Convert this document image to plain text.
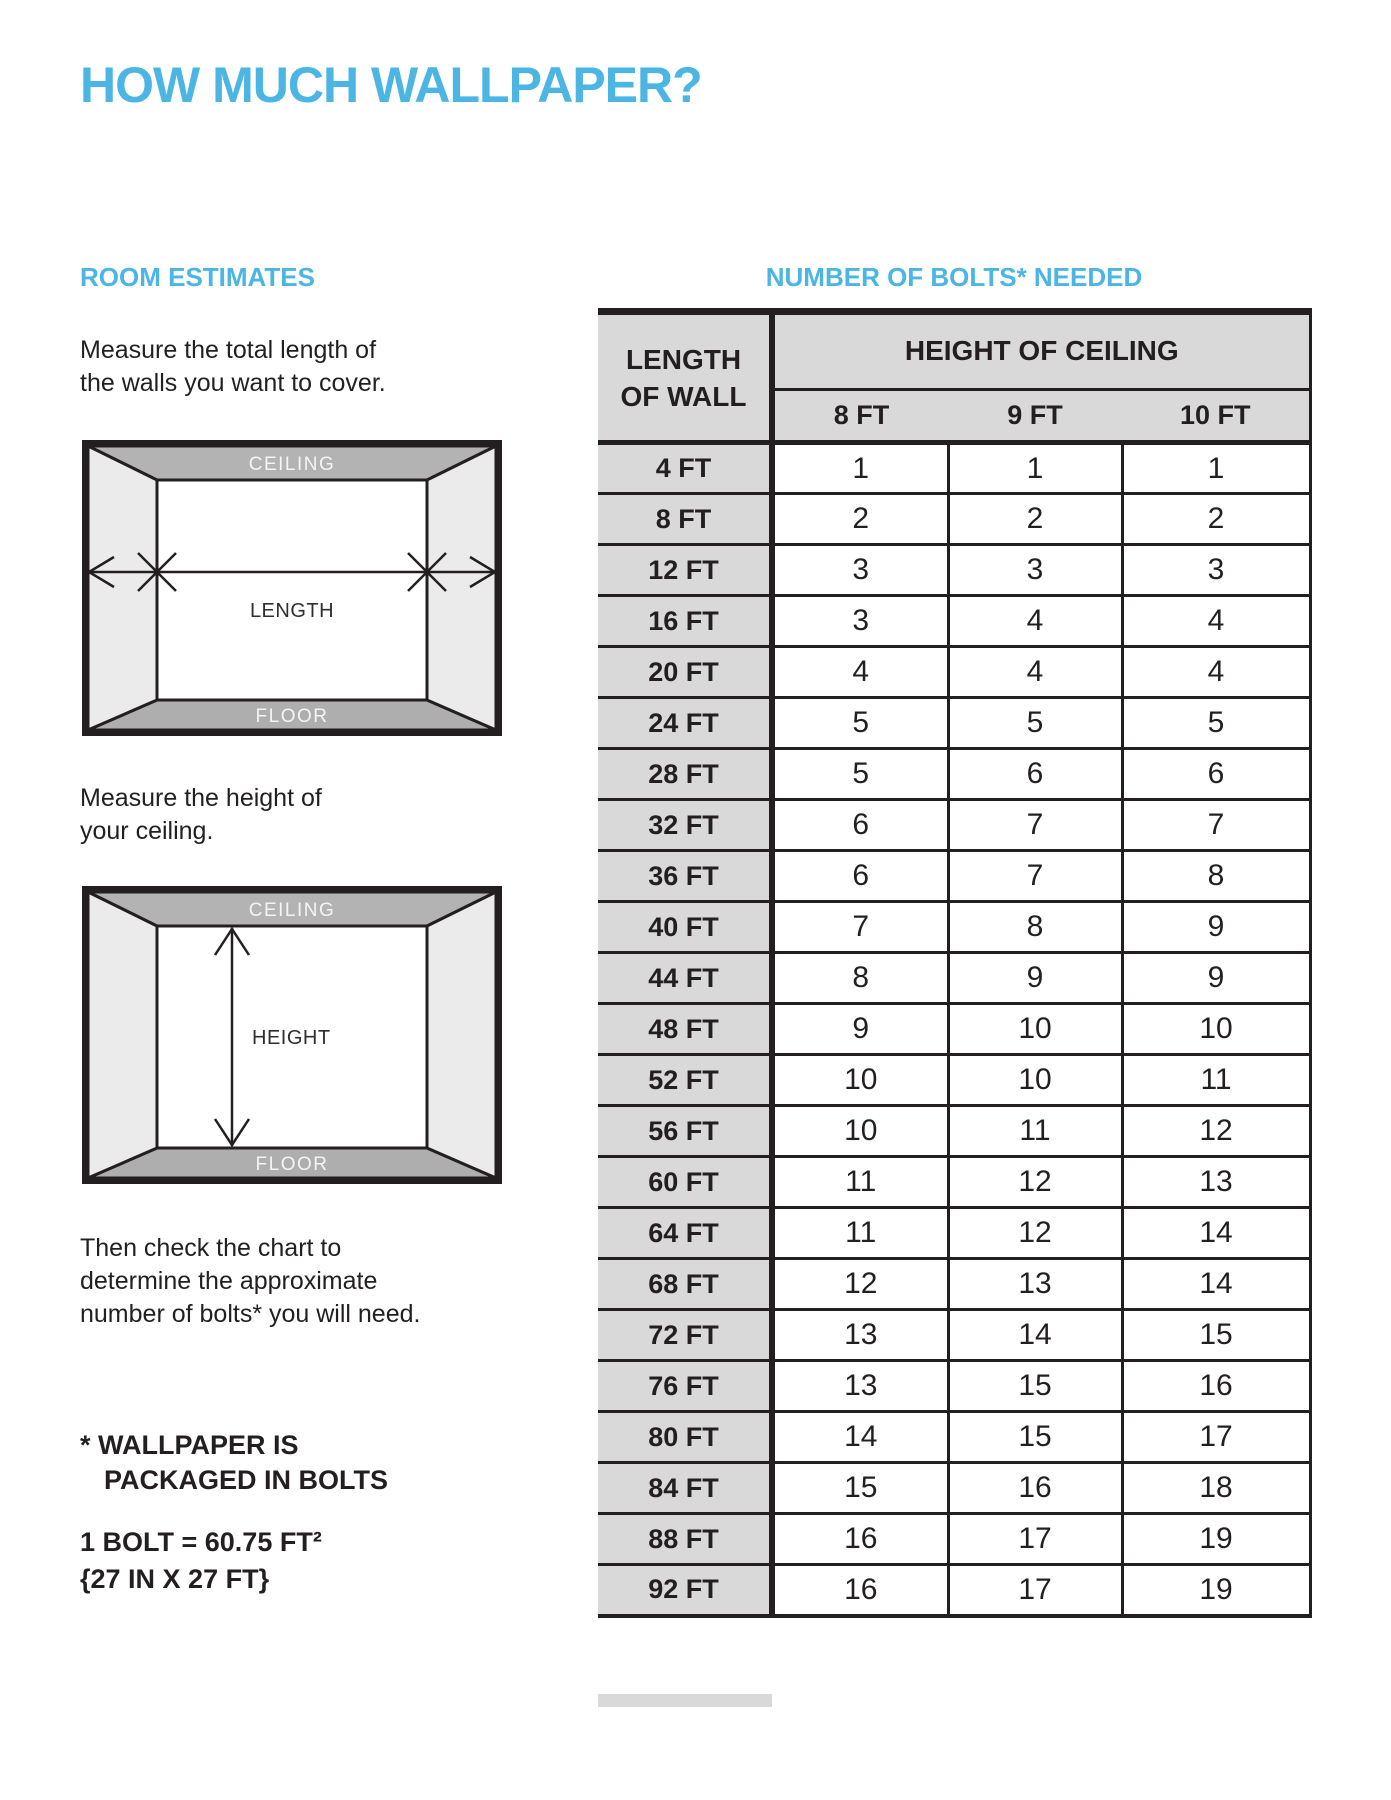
HOW MUCH WALLPAPER?
ROOM ESTIMATES

Measure the total length of
the walls you want to cover.

CEILING
LENGTH
FLOOR

Measure the height of
your ceiling.

CEILING
HEIGHT
FLOOR

Then check the chart to
determine the approximate
number of bolts* you will need.

* WALLPAPER IS
PACKAGED IN BOLTS
1 BOLT = 60.75 FT²
{27 IN X 27 FT}
NUMBER OF BOLTS* NEEDED
LENGTH
OF WALL	HEIGHT OF CEILING		
	8 FT	9 FT	10 FT
4 FT	1	1	1
8 FT	2	2	2
12 FT	3	3	3
16 FT	3	4	4
20 FT	4	4	4
24 FT	5	5	5
28 FT	5	6	6
32 FT	6	7	7
36 FT	6	7	8
40 FT	7	8	9
44 FT	8	9	9
48 FT	9	10	10
52 FT	10	10	11
56 FT	10	11	12
60 FT	11	12	13
64 FT	11	12	14
68 FT	12	13	14
72 FT	13	14	15
76 FT	13	15	16
80 FT	14	15	17
84 FT	15	16	18
88 FT	16	17	19
92 FT	16	17	19
